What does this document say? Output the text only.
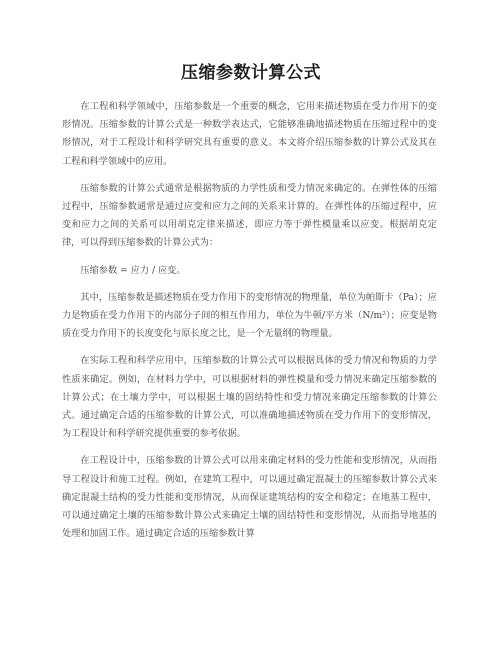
压缩参数计算公式

在工程和科学领域中，压缩参数是一个重要的概念，它用来描述物质在受力作用下的变形情况。压缩参数的计算公式是一种数学表达式，它能够准确地描述物质在压缩过程中的变形情况，对于工程设计和科学研究具有重要的意义。本文将介绍压缩参数的计算公式及其在工程和科学领域中的应用。

压缩参数的计算公式通常是根据物质的力学性质和受力情况来确定的。在弹性体的压缩过程中，压缩参数通常是通过应变和应力之间的关系来计算的。在弹性体的压缩过程中，应变和应力之间的关系可以用胡克定律来描述，即应力等于弹性模量乘以应变。根据胡克定律，可以得到压缩参数的计算公式为：

压缩参数 = 应力 / 应变。

其中，压缩参数是描述物质在受力作用下的变形情况的物理量，单位为帕斯卡（Pa）；应力是物质在受力作用下的内部分子间的相互作用力，单位为牛顿/平方米（N/m²）；应变是物质在受力作用下的长度变化与原长度之比，是一个无量纲的物理量。

在实际工程和科学应用中，压缩参数的计算公式可以根据具体的受力情况和物质的力学性质来确定。例如，在材料力学中，可以根据材料的弹性模量和受力情况来确定压缩参数的计算公式；在土壤力学中，可以根据土壤的固结特性和受力情况来确定压缩参数的计算公式。通过确定合适的压缩参数的计算公式，可以准确地描述物质在受力作用下的变形情况，为工程设计和科学研究提供重要的参考依据。

在工程设计中，压缩参数的计算公式可以用来确定材料的受力性能和变形情况，从而指导工程设计和施工过程。例如，在建筑工程中，可以通过确定混凝土的压缩参数计算公式来确定混凝土结构的受力性能和变形情况，从而保证建筑结构的安全和稳定；在地基工程中，可以通过确定土壤的压缩参数计算公式来确定土壤的固结特性和变形情况，从而指导地基的处理和加固工作。通过确定合适的压缩参数计算
